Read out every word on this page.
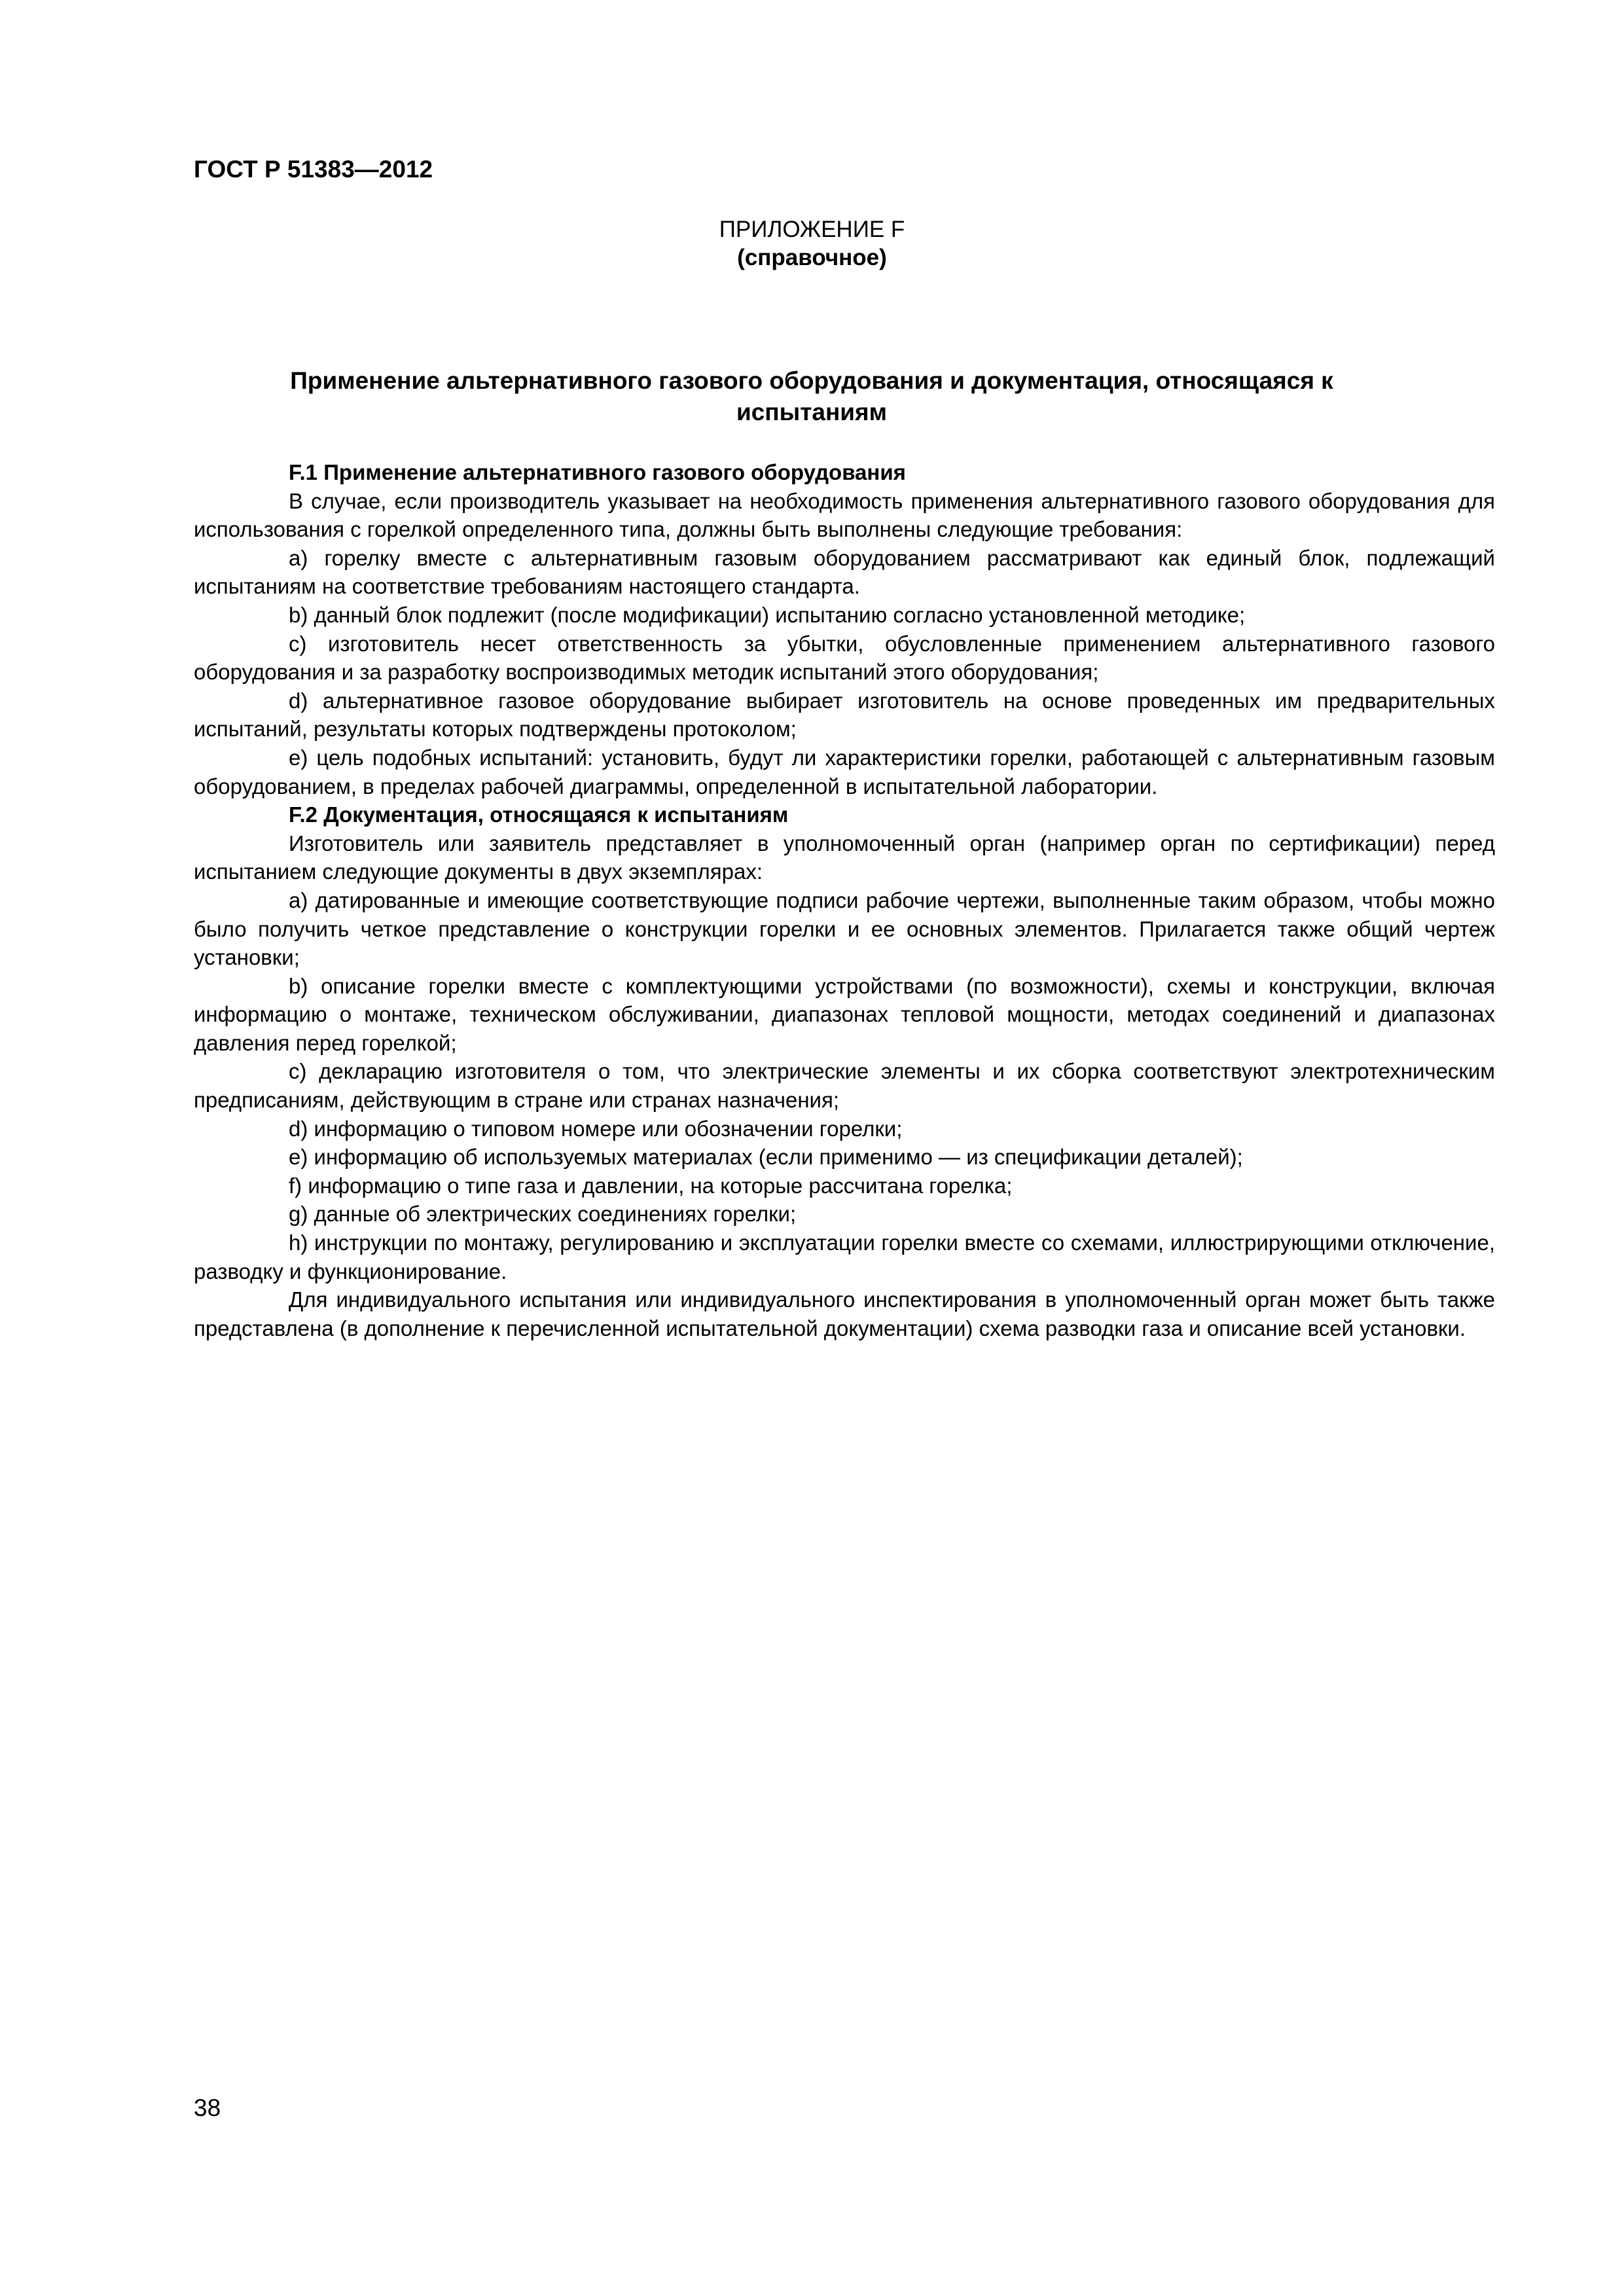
ГОСТ Р 51383—2012
ПРИЛОЖЕНИЕ F
(справочное)
Применение альтернативного газового оборудования и документация, относящаяся к испытаниям

F.1 Применение альтернативного газового оборудования

В случае, если производитель указывает на необходимость применения альтернативного газового оборудования для использования с горелкой определенного типа, должны быть выполнены следующие требования:

a) горелку вместе с альтернативным газовым оборудованием рассматривают как единый блок, подлежащий испытаниям на соответствие требованиям настоящего стандарта.

b) данный блок подлежит (после модификации) испытанию согласно установленной методике;

c) изготовитель несет ответственность за убытки, обусловленные применением альтернативного газового оборудования и за разработку воспроизводимых методик испытаний этого оборудования;

d) альтернативное газовое оборудование выбирает изготовитель на основе проведенных им предварительных испытаний, результаты которых подтверждены протоколом;

e) цель подобных испытаний: установить, будут ли характеристики горелки, работающей с альтернативным газовым оборудованием, в пределах рабочей диаграммы, определенной в испытательной лаборатории.

F.2 Документация, относящаяся к испытаниям

Изготовитель или заявитель представляет в уполномоченный орган (например орган по сертификации) перед испытанием следующие документы в двух экземплярах:

a) датированные и имеющие соответствующие подписи рабочие чертежи, выполненные таким образом, чтобы можно было получить четкое представление о конструкции горелки и ее основных элементов. Прилагается также общий чертеж установки;

b) описание горелки вместе с комплектующими устройствами (по возможности), схемы и конструкции, включая информацию о монтаже, техническом обслуживании, диапазонах тепловой мощности, методах соединений и диапазонах давления перед горелкой;

c) декларацию изготовителя о том, что электрические элементы и их сборка соответствуют электротехническим предписаниям, действующим в стране или странах назначения;

d) информацию о типовом номере или обозначении горелки;

e) информацию об используемых материалах (если применимо — из спецификации деталей);

f) информацию о типе газа и давлении, на которые рассчитана горелка;

g) данные об электрических соединениях горелки;

h) инструкции по монтажу, регулированию и эксплуатации горелки вместе со схемами, иллюстрирующими отключение, разводку и функционирование.

Для индивидуального испытания или индивидуального инспектирования в уполномоченный орган может быть также представлена (в дополнение к перечисленной испытательной документации) схема разводки газа и описание всей установки.

38
